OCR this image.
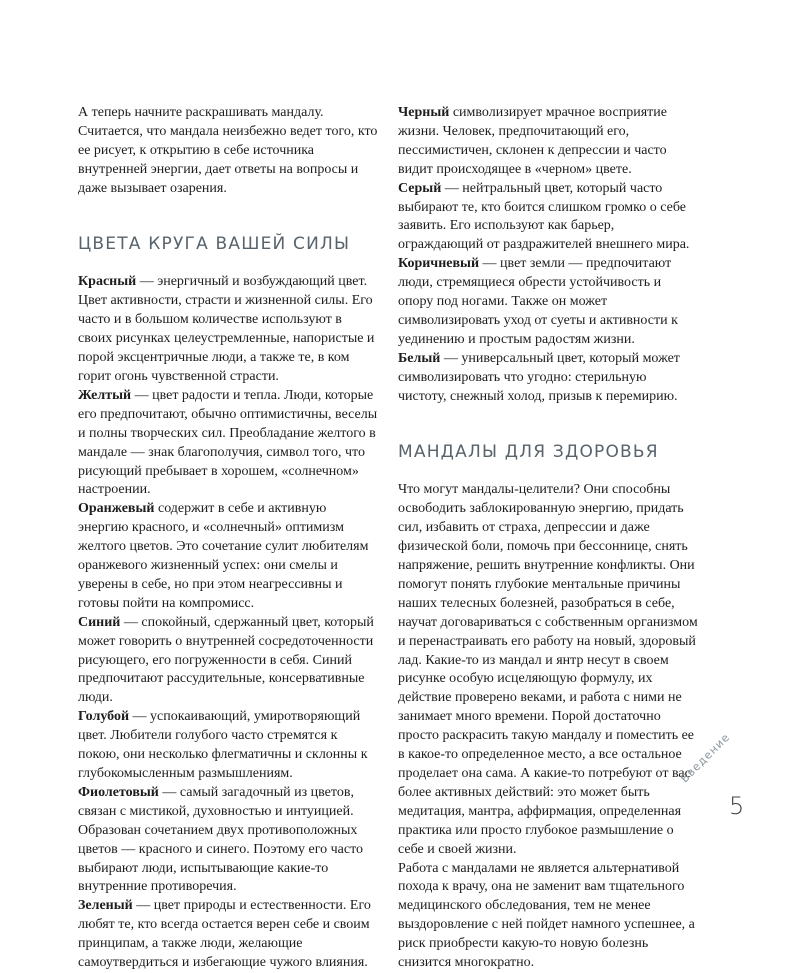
А теперь начните раскрашивать мандалу. Считается, что мандала неизбежно ведет того, кто ее рисует, к открытию в себе источника внутренней энергии, дает ответы на вопросы и даже вызывает озарения.

ЦВЕТА КРУГА ВАШЕЙ СИЛЫ

Красный — энергичный и возбуждающий цвет. Цвет активности, страсти и жизненной силы. Его часто и в большом количестве используют в своих рисунках целеустремленные, напористые и порой эксцентричные люди, а также те, в ком горит огонь чувственной страсти.

Желтый — цвет радости и тепла. Люди, которые его предпочитают, обычно оптимистичны, веселы и полны творческих сил. Преобладание желтого в мандале — знак благополучия, символ того, что рисующий пребывает в хорошем, «солнечном» настроении.

Оранжевый содержит в себе и активную энергию красного, и «солнечный» оптимизм желтого цветов. Это сочетание сулит любителям оранжевого жизненный успех: они смелы и уверены в себе, но при этом неагрессивны и готовы пойти на компромисс.

Синий — спокойный, сдержанный цвет, который может говорить о внутренней сосредоточенности рисующего, его погруженности в себя. Синий предпочитают рассудительные, консервативные люди.

Голубой — успокаивающий, умиротворяющий цвет. Любители голубого часто стремятся к покою, они несколько флегматичны и склонны к глубокомысленным размышлениям.

Фиолетовый — самый загадочный из цветов, связан с мистикой, духовностью и интуицией. Образован сочетанием двух противоположных цветов — красного и синего. Поэтому его часто выбирают люди, испытывающие какие-то внутренние противоречия.

Зеленый — цвет природы и естественности. Его любят те, кто всегда остается верен себе и своим принципам, а также люди, желающие самоутвердиться и избегающие чужого влияния.

Черный символизирует мрачное восприятие жизни. Человек, предпочитающий его, пессимистичен, склонен к депрессии и часто видит происходящее в «черном» цвете.

Серый — нейтральный цвет, который часто выбирают те, кто боится слишком громко о себе заявить. Его используют как барьер, ограждающий от раздражителей внешнего мира.

Коричневый — цвет земли — предпочитают люди, стремящиеся обрести устойчивость и опору под ногами. Также он может символизировать уход от суеты и активности к уединению и простым радостям жизни.

Белый — универсальный цвет, который может символизировать что угодно: стерильную чистоту, снежный холод, призыв к перемирию.

МАНДАЛЫ ДЛЯ ЗДОРОВЬЯ

Что могут мандалы-целители? Они способны освободить заблокированную энергию, придать сил, избавить от страха, депрессии и даже физической боли, помочь при бессоннице, снять напряжение, решить внутренние конфликты. Они помогут понять глубокие ментальные причины наших телесных болезней, разобраться в себе, научат договариваться с собственным организмом и перенастраивать его работу на новый, здоровый лад. Какие-то из мандал и янтр несут в своем рисунке особую исцеляющую формулу, их действие проверено веками, и работа с ними не занимает много времени. Порой достаточно просто раскрасить такую мандалу и поместить ее в какое-то определенное место, а все остальное проделает она сама. А какие-то потребуют от вас более активных действий: это может быть медитация, мантра, аффирмация, определенная практика или просто глубокое размышление о себе и своей жизни.

Работа с мандалами не является альтернативой похода к врачу, она не заменит вам тщательного медицинского обследования, тем не менее выздоровление с ней пойдет намного успешнее, а риск приобрести какую-то новую болезнь снизится многократно.

Введение
5
